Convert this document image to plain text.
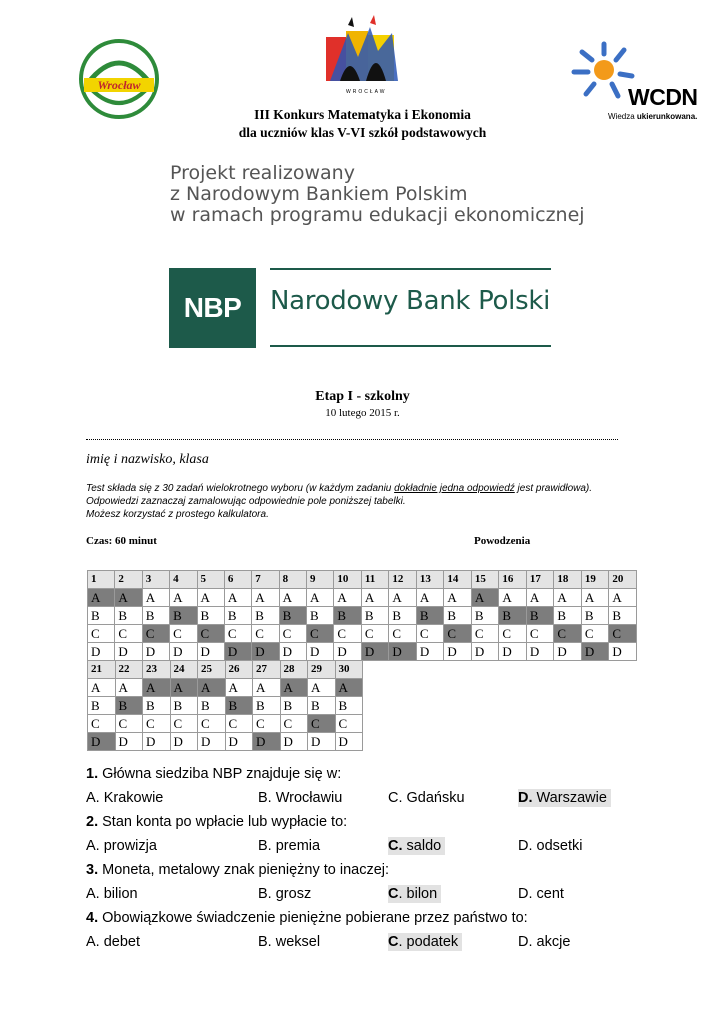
Wrocław	WROCŁAW	WCDN
Wiedza ukierunkowana.
III Konkurs Matematyka i Ekonomia
dla uczniów klas V-VI szkół podstawowych
Projekt realizowany
z Narodowym Bankiem Polskim
w ramach programu edukacji ekonomicznej
NBP	Narodowy Bank Polski
Etap I - szkolny
10 lutego 2015 r.
imię i nazwisko, klasa
Test składa się z 30 zadań wielokrotnego wyboru (w każdym zadaniu dokładnie jedna odpowiedź jest prawidłowa). Odpowiedzi zaznaczaj zamalowując odpowiednie pole poniższej tabelki.
Możesz korzystać z prostego kalkulatora.
Czas: 60 minut	Powodzenia
1	2	3	4	5	6	7	8	9	10	11	12	13	14	15	16	17	18	19	20
A	A	A	A	A	A	A	A	A	A	A	A	A	A	A	A	A	A	A	A
B	B	B	B	B	B	B	B	B	B	B	B	B	B	B	B	B	B	B	B
C	C	C	C	C	C	C	C	C	C	C	C	C	C	C	C	C	C	C	C
D	D	D	D	D	D	D	D	D	D	D	D	D	D	D	D	D	D	D	D
21	22	23	24	25	26	27	28	29	30
A	A	A	A	A	A	A	A	A	A
B	B	B	B	B	B	B	B	B	B
C	C	C	C	C	C	C	C	C	C
D	D	D	D	D	D	D	D	D	D
1. Główna siedziba NBP znajduje się w:
A. Krakowie	B. Wrocławiu	C. Gdańsku	D. Warszawie
2. Stan konta po wpłacie lub wypłacie to:
A. prowizja	B. premia	C. saldo	D. odsetki
3. Moneta, metalowy znak pieniężny to inaczej:
A. bilion	B. grosz	C. bilon	D. cent
4. Obowiązkowe świadczenie pieniężne pobierane przez państwo to:
A. debet	B. weksel	C. podatek	D. akcje
